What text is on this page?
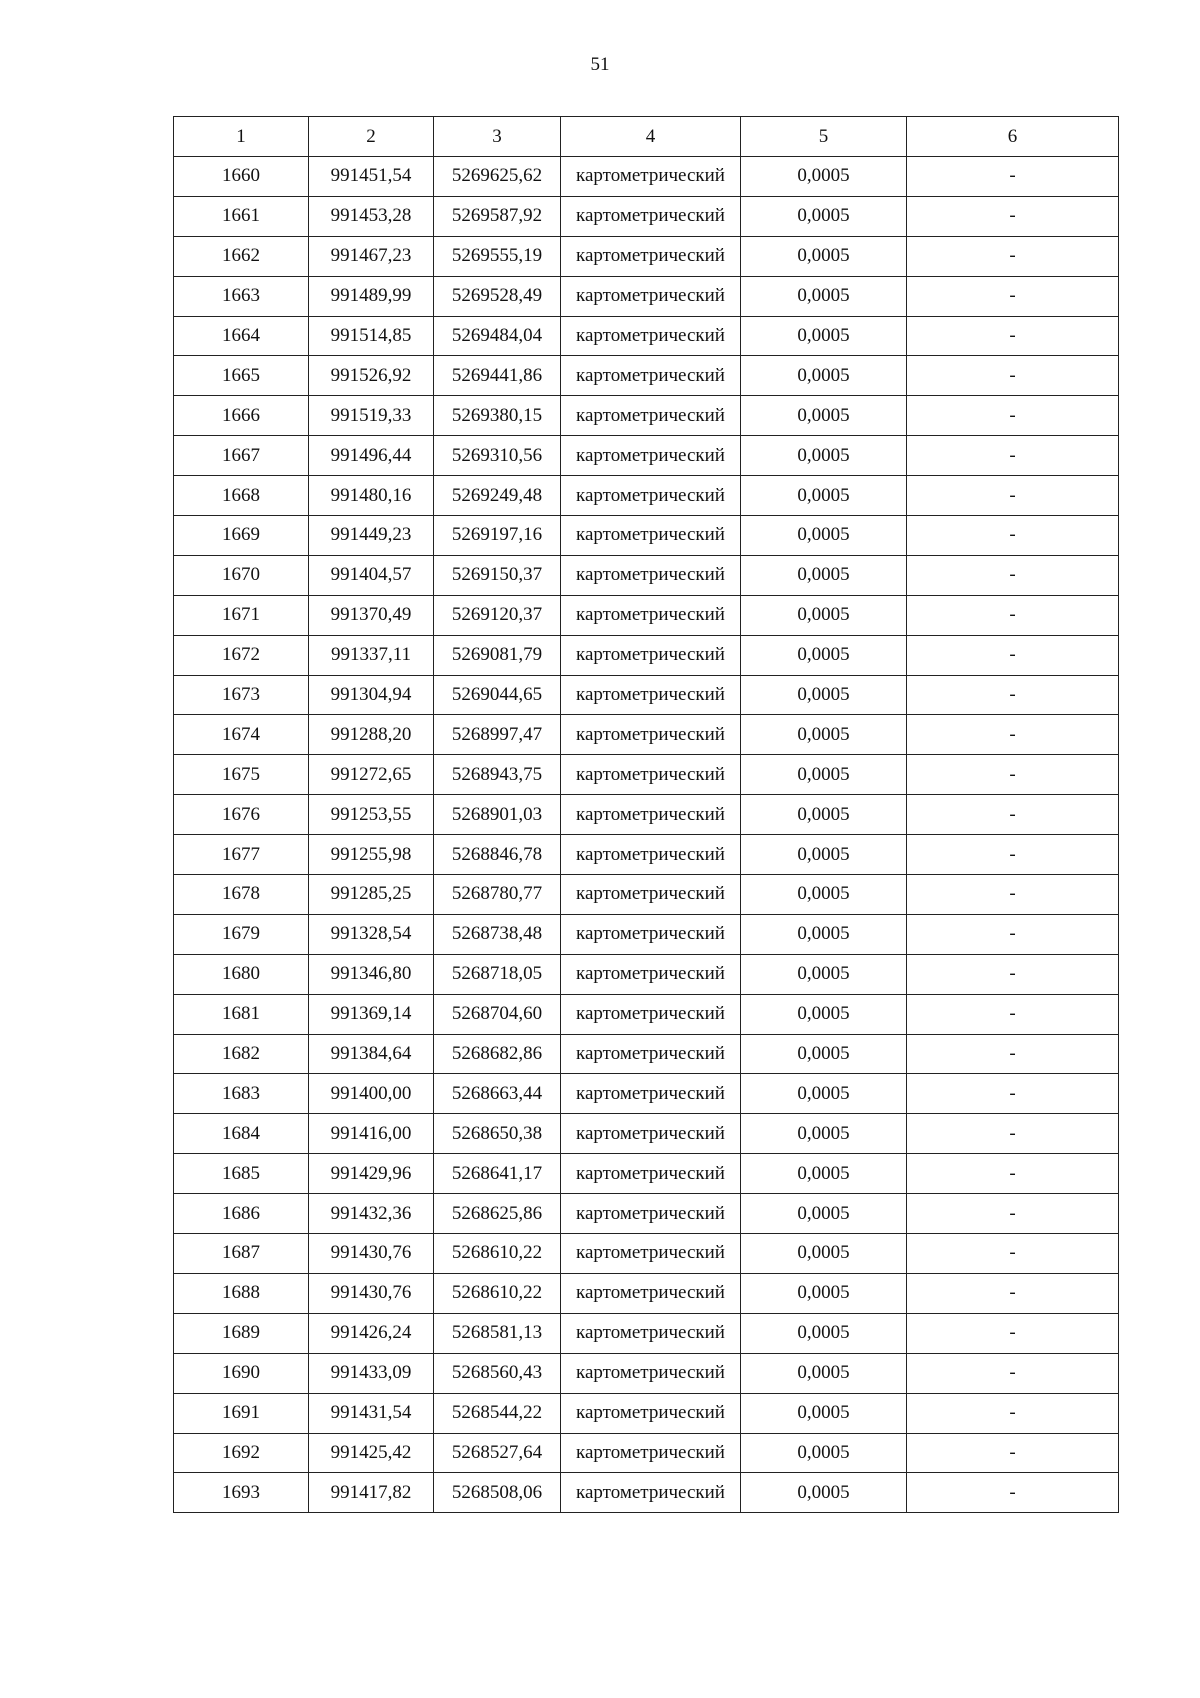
51
1	2	3	4	5	6
1660	991451,54	5269625,62	картометрический	0,0005	-
1661	991453,28	5269587,92	картометрический	0,0005	-
1662	991467,23	5269555,19	картометрический	0,0005	-
1663	991489,99	5269528,49	картометрический	0,0005	-
1664	991514,85	5269484,04	картометрический	0,0005	-
1665	991526,92	5269441,86	картометрический	0,0005	-
1666	991519,33	5269380,15	картометрический	0,0005	-
1667	991496,44	5269310,56	картометрический	0,0005	-
1668	991480,16	5269249,48	картометрический	0,0005	-
1669	991449,23	5269197,16	картометрический	0,0005	-
1670	991404,57	5269150,37	картометрический	0,0005	-
1671	991370,49	5269120,37	картометрический	0,0005	-
1672	991337,11	5269081,79	картометрический	0,0005	-
1673	991304,94	5269044,65	картометрический	0,0005	-
1674	991288,20	5268997,47	картометрический	0,0005	-
1675	991272,65	5268943,75	картометрический	0,0005	-
1676	991253,55	5268901,03	картометрический	0,0005	-
1677	991255,98	5268846,78	картометрический	0,0005	-
1678	991285,25	5268780,77	картометрический	0,0005	-
1679	991328,54	5268738,48	картометрический	0,0005	-
1680	991346,80	5268718,05	картометрический	0,0005	-
1681	991369,14	5268704,60	картометрический	0,0005	-
1682	991384,64	5268682,86	картометрический	0,0005	-
1683	991400,00	5268663,44	картометрический	0,0005	-
1684	991416,00	5268650,38	картометрический	0,0005	-
1685	991429,96	5268641,17	картометрический	0,0005	-
1686	991432,36	5268625,86	картометрический	0,0005	-
1687	991430,76	5268610,22	картометрический	0,0005	-
1688	991430,76	5268610,22	картометрический	0,0005	-
1689	991426,24	5268581,13	картометрический	0,0005	-
1690	991433,09	5268560,43	картометрический	0,0005	-
1691	991431,54	5268544,22	картометрический	0,0005	-
1692	991425,42	5268527,64	картометрический	0,0005	-
1693	991417,82	5268508,06	картометрический	0,0005	-
